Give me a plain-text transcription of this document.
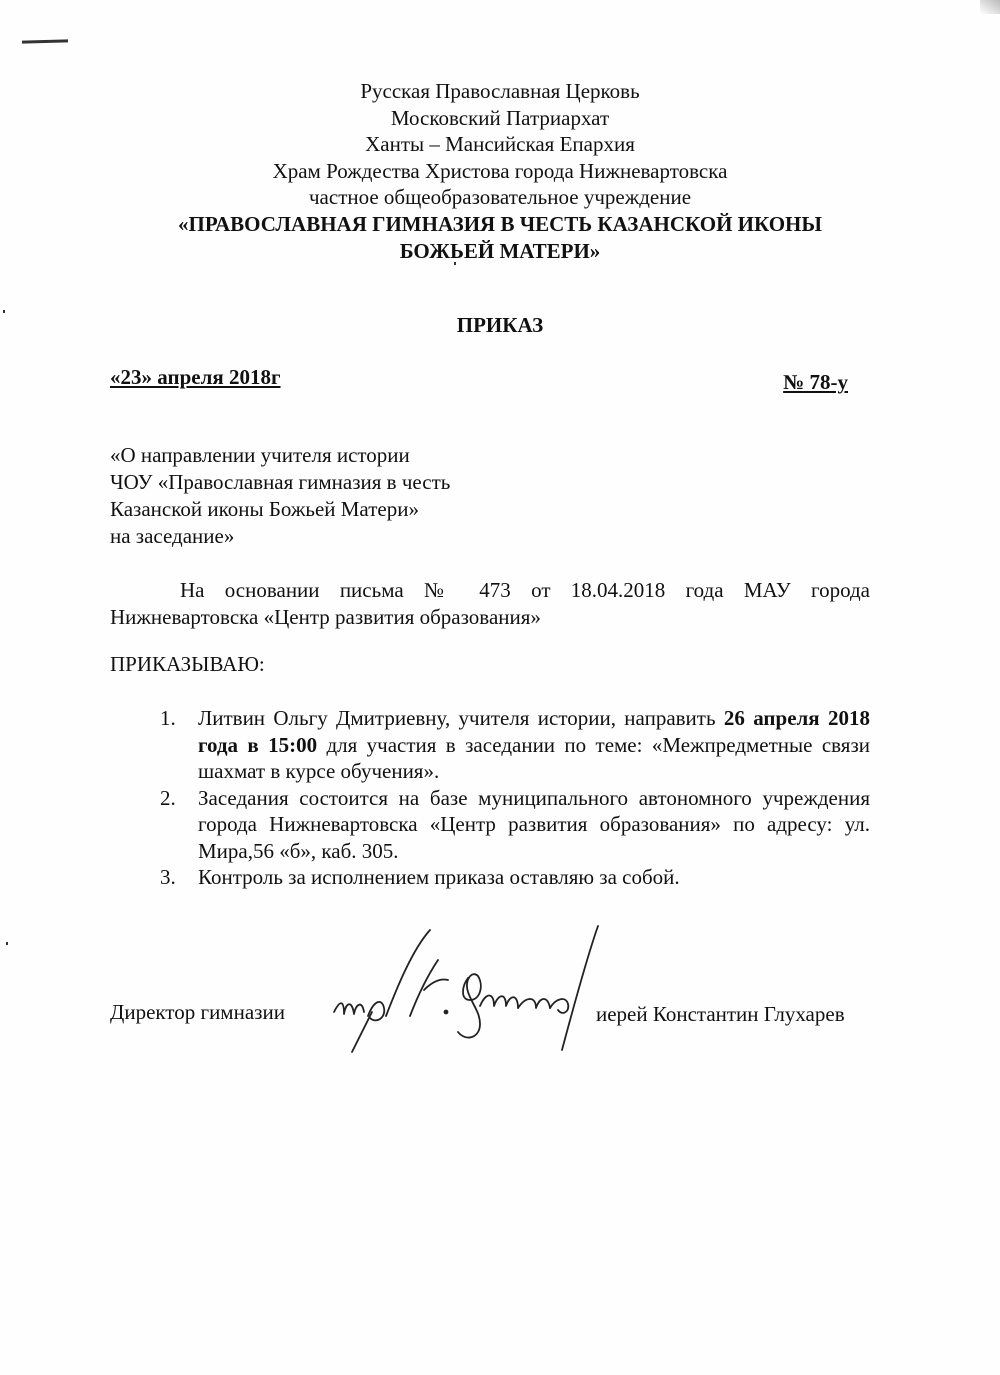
Русская Православная Церковь
Московский Патриархат
Ханты – Мансийская Епархия
Храм Рождества Христова города Нижневартовска
частное общеобразовательное учреждение
«ПРАВОСЛАВНАЯ ГИМНАЗИЯ В ЧЕСТЬ КАЗАНСКОЙ ИКОНЫ
БОЖЬЕЙ МАТЕРИ»
ПРИКАЗ
«23» апреля 2018г	№ 78-у
«О направлении учителя истории
ЧОУ «Православная гимназия в честь
Казанской иконы Божьей Матери»
на заседание»
На основании письма № 473 от 18.04.2018 года МАУ города Нижневартовска «Центр развития образования»
ПРИКАЗЫВАЮ:
1. Литвин Ольгу Дмитриевну, учителя истории, направить 26 апреля 2018 года в 15:00 для участия в заседании по теме: «Межпредметные связи шахмат в курсе обучения».
2. Заседания состоится на базе муниципального автономного учреждения города Нижневартовска «Центр развития образования» по адресу: ул. Мира,56 «б», каб. 305.
3. Контроль за исполнением приказа оставляю за собой.
Директор гимназии	иерей Константин Глухарев
